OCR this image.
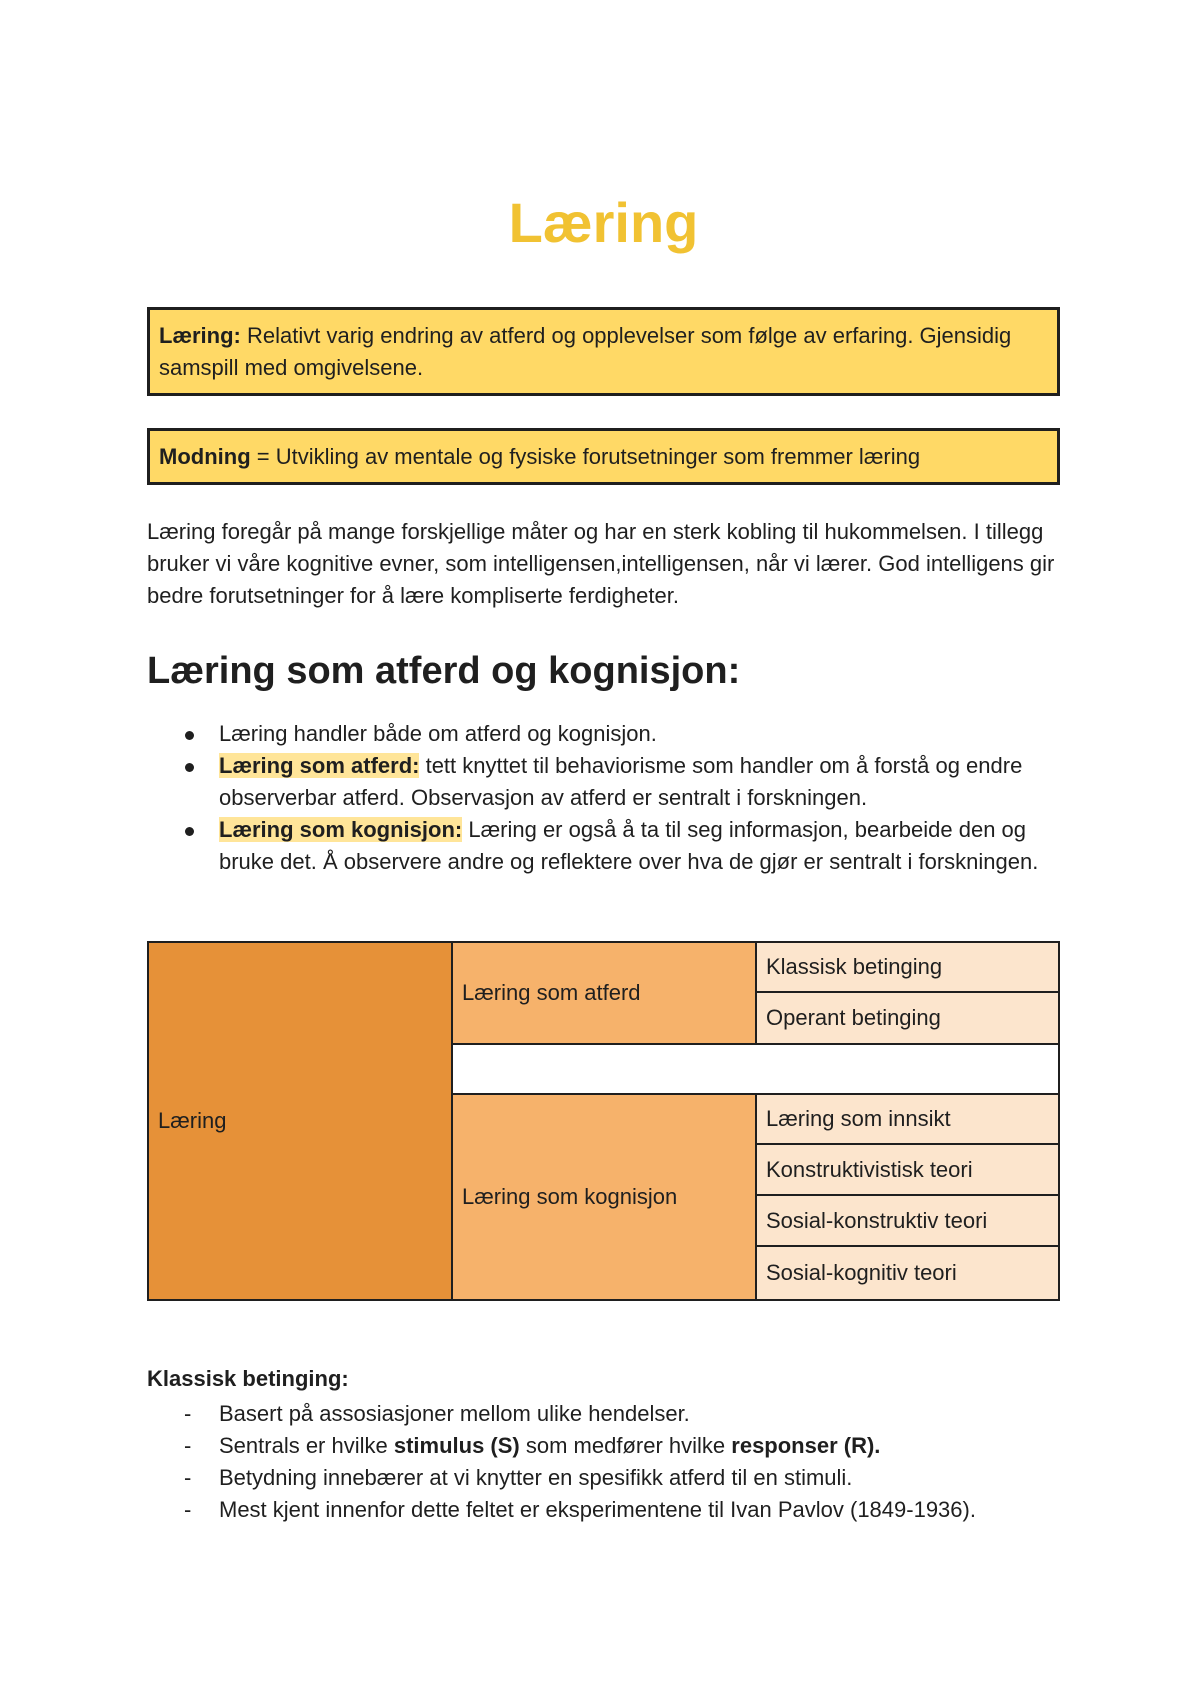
Læring
Læring: Relativt varig endring av atferd og opplevelser som følge av erfaring. Gjensidig samspill med omgivelsene.
Modning = Utvikling av mentale og fysiske forutsetninger som fremmer læring

Læring foregår på mange forskjellige måter og har en sterk kobling til hukommelsen. I tillegg bruker vi våre kognitive evner, som intelligensen,intelligensen, når vi lærer. God intelligens gir bedre forutsetninger for å lære kompliserte ferdigheter.

Læring som atferd og kognisjon:
Læring handler både om atferd og kognisjon.
Læring som atferd: tett knyttet til behaviorisme som handler om å forstå og endre observerbar atferd. Observasjon av atferd er sentralt i forskningen.
Læring som kognisjon: Læring er også å ta til seg informasjon, bearbeide den og bruke det. Å observere andre og reflektere over hva de gjør er sentralt i forskningen.
Læring
Læring som atferd
Klassisk betinging
Operant betinging
Læring som kognisjon
Læring som innsikt
Konstruktivistisk teori
Sosial-konstruktiv teori
Sosial-kognitiv teori

Klassisk betinging:

- Basert på assosiasjoner mellom ulike hendelser.
- Sentrals er hvilke stimulus (S) som medfører hvilke responser (R).
- Betydning innebærer at vi knytter en spesifikk atferd til en stimuli.
- Mest kjent innenfor dette feltet er eksperimentene til Ivan Pavlov (1849-1936).
